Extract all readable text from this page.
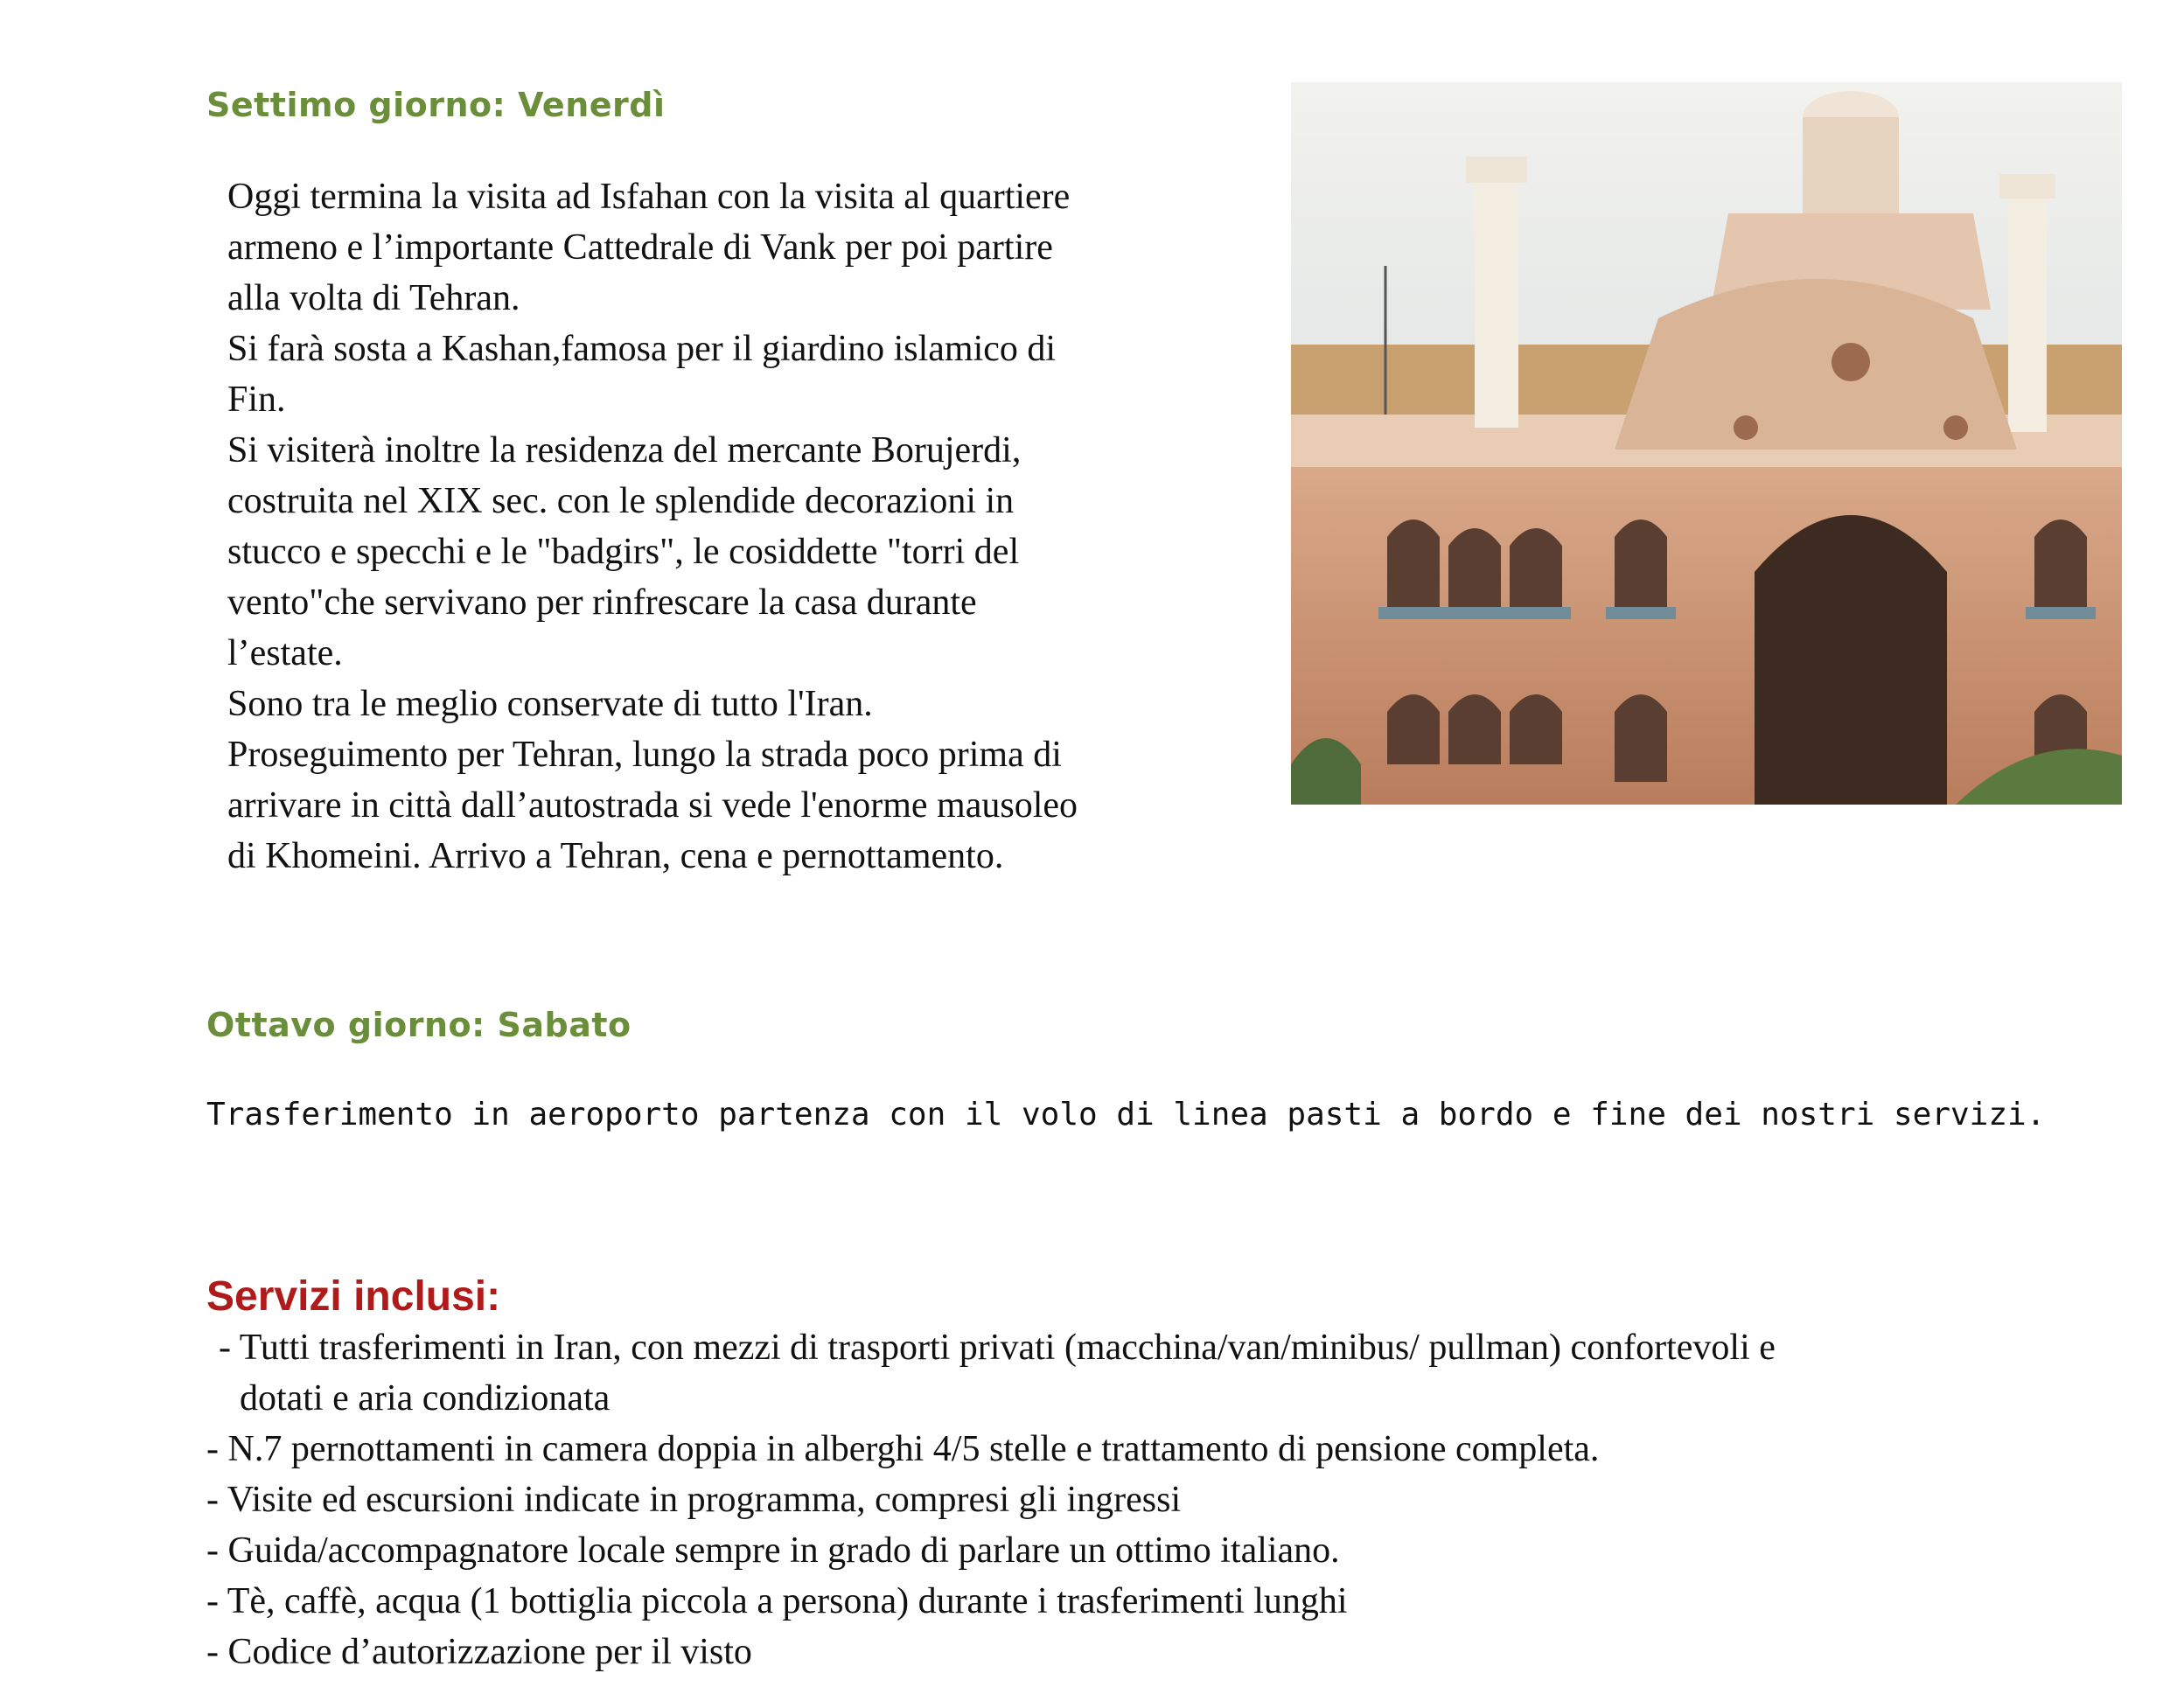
Settimo giorno: Venerdì

Oggi termina la visita ad Isfahan con la visita al quartiere

armeno e l’importante Cattedrale di Vank per poi partire

alla volta di Tehran.

Si farà sosta a Kashan,famosa per il giardino islamico di

Fin.

Si visiterà inoltre la residenza del mercante Borujerdi,

costruita nel XIX sec. con le splendide decorazioni in

stucco e specchi e le "badgirs", le cosiddette "torri del

vento"che servivano per rinfrescare la casa durante

l’estate.

Sono tra le meglio conservate di tutto l'Iran.

Proseguimento per Tehran, lungo la strada poco prima di

arrivare in città dall’autostrada si vede l'enorme mausoleo

di Khomeini. Arrivo a Tehran, cena e pernottamento.

Ottavo giorno: Sabato
Trasferimento in aeroporto partenza con il volo di linea pasti a bordo e fine dei nostri servizi.
Servizi inclusi:
- Tutti trasferimenti in Iran, con mezzi di trasporti privati (macchina/van/minibus/ pullman) confortevoli e
dotati e aria condizionata
- N.7 pernottamenti in camera doppia in alberghi 4/5 stelle e trattamento di pensione completa.
- Visite ed escursioni indicate in programma, compresi gli ingressi
- Guida/accompagnatore locale sempre in grado di parlare un ottimo italiano.
- Tè, caffè, acqua (1 bottiglia piccola a persona) durante i trasferimenti lunghi
- Codice d’autorizzazione per il visto
